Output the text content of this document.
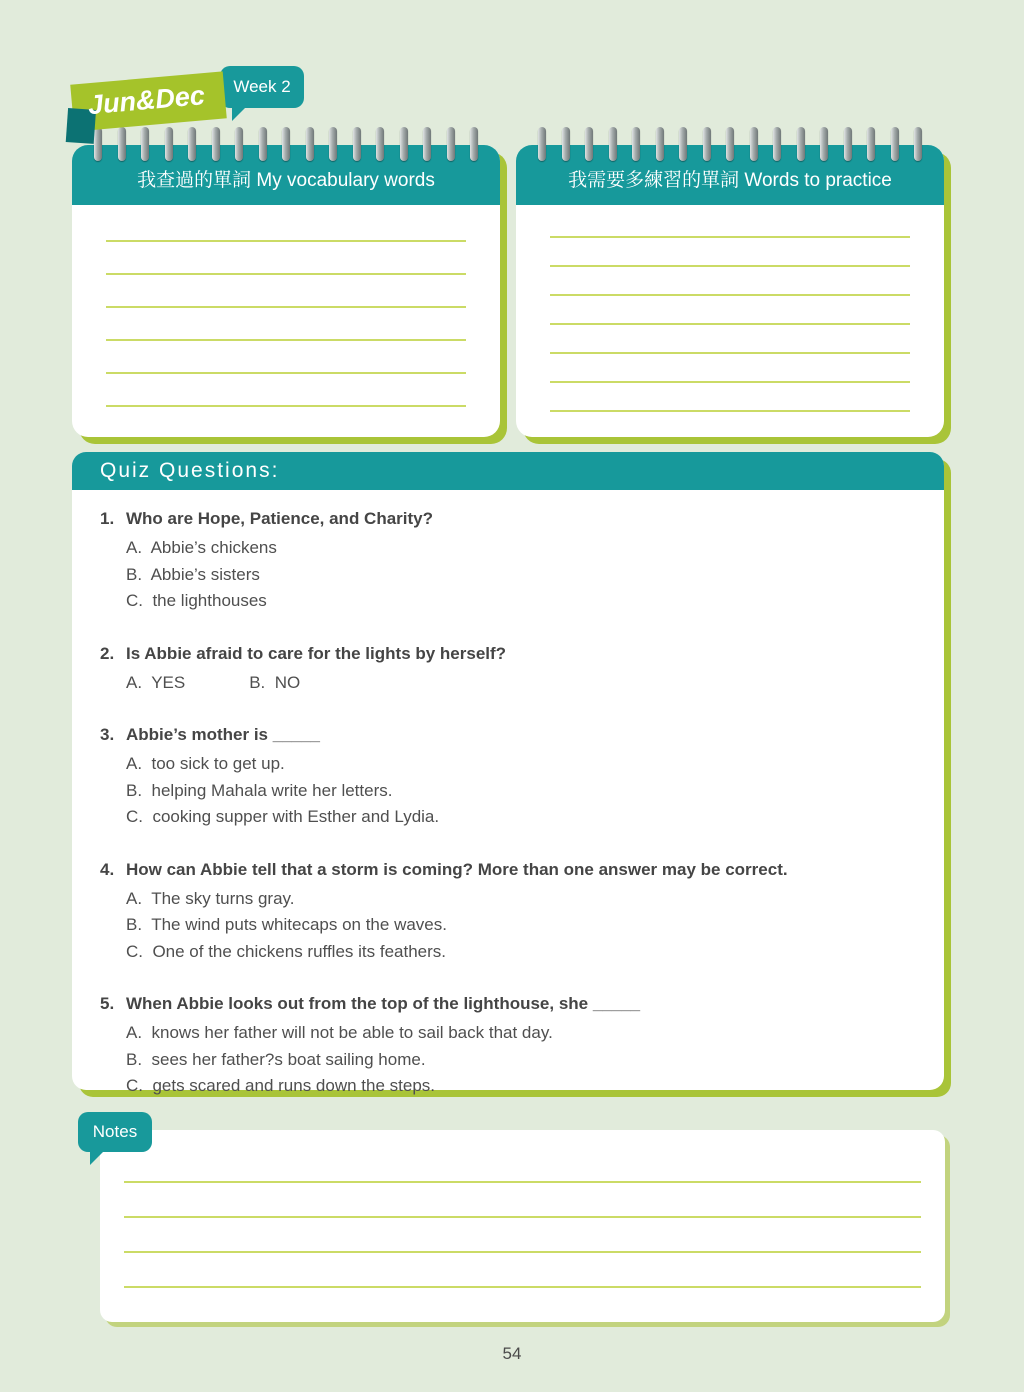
Jun&Dec	Week 2
我查過的單詞 My vocabulary words	我需要多練習的單詞 Words to practice
Quiz Questions:
1. Who are Hope, Patience, and Charity?
A.  Abbie’s chickens
B.  Abbie’s sisters
C.  the lighthouses
2. Is Abbie afraid to care for the lights by herself?
A.  YES	B.  NO
3. Abbie’s mother is _____
A.  too sick to get up.
B.  helping Mahala write her letters.
C.  cooking supper with Esther and Lydia.
4. How can Abbie tell that a storm is coming? More than one answer may be correct.
A.  The sky turns gray.
B.  The wind puts whitecaps on the waves.
C.  One of the chickens ruffles its feathers.
5. When Abbie looks out from the top of the lighthouse, she _____
A.  knows her father will not be able to sail back that day.
B.  sees her father?s boat sailing home.
C.  gets scared and runs down the steps.
Notes
54
